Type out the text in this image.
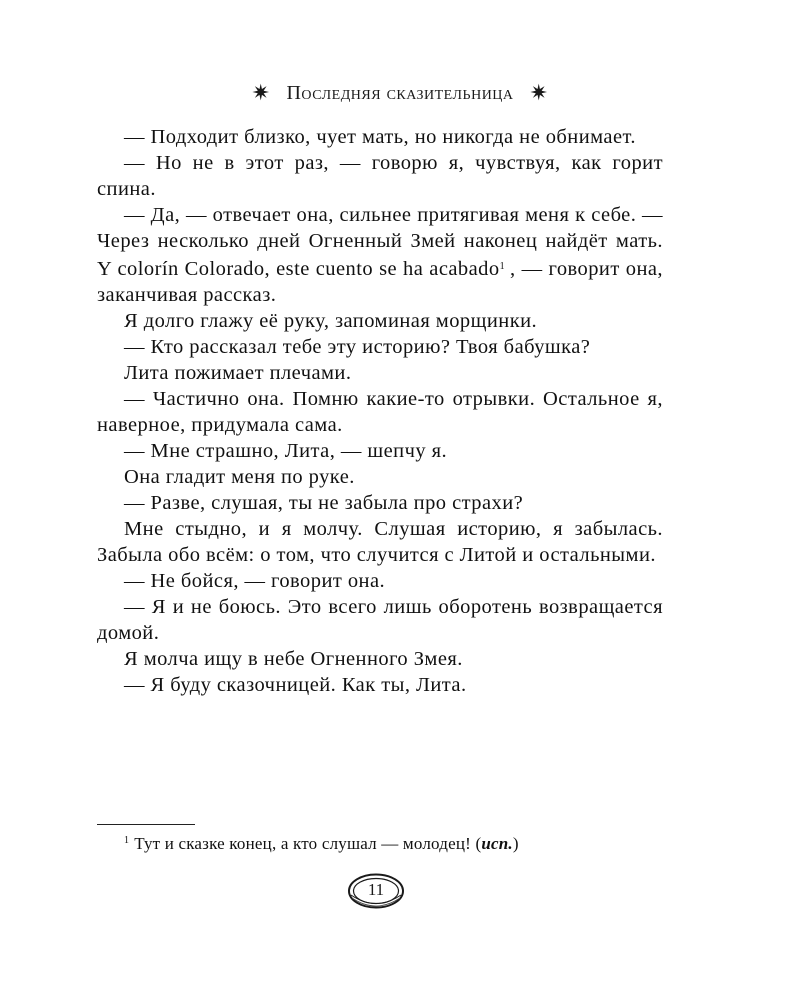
✷ Последняя сказительница ✷

— Подходит близко, чует мать, но никогда не обнимает.

— Но не в этот раз, — говорю я, чувствуя, как горит спина.

— Да, — отвечает она, сильнее притягивая меня к себе. — Через несколько дней Огненный Змей наконец найдёт мать. Y colorín Colorado, este cuento se ha acabado$^1$ , — говорит она, заканчивая рассказ.

Я долго глажу её руку, запоминая морщинки.

— Кто рассказал тебе эту историю? Твоя бабушка?

Лита пожимает плечами.

— Частично она. Помню какие-то отрывки. Остальное я, наверное, придумала сама.

— Мне страшно, Лита, — шепчу я.

Она гладит меня по руке.

— Разве, слушая, ты не забыла про страхи?

Мне стыдно, и я молчу. Слушая историю, я забылась. Забыла обо всём: о том, что случится с Литой и остальными.

— Не бойся, — говорит она.

— Я и не боюсь. Это всего лишь оборотень возвращается домой.

Я молча ищу в небе Огненного Змея.

— Я буду сказочницей. Как ты, Лита.

$^1$ Тут и сказке конец, а кто слушал — молодец! (исп.)
11
